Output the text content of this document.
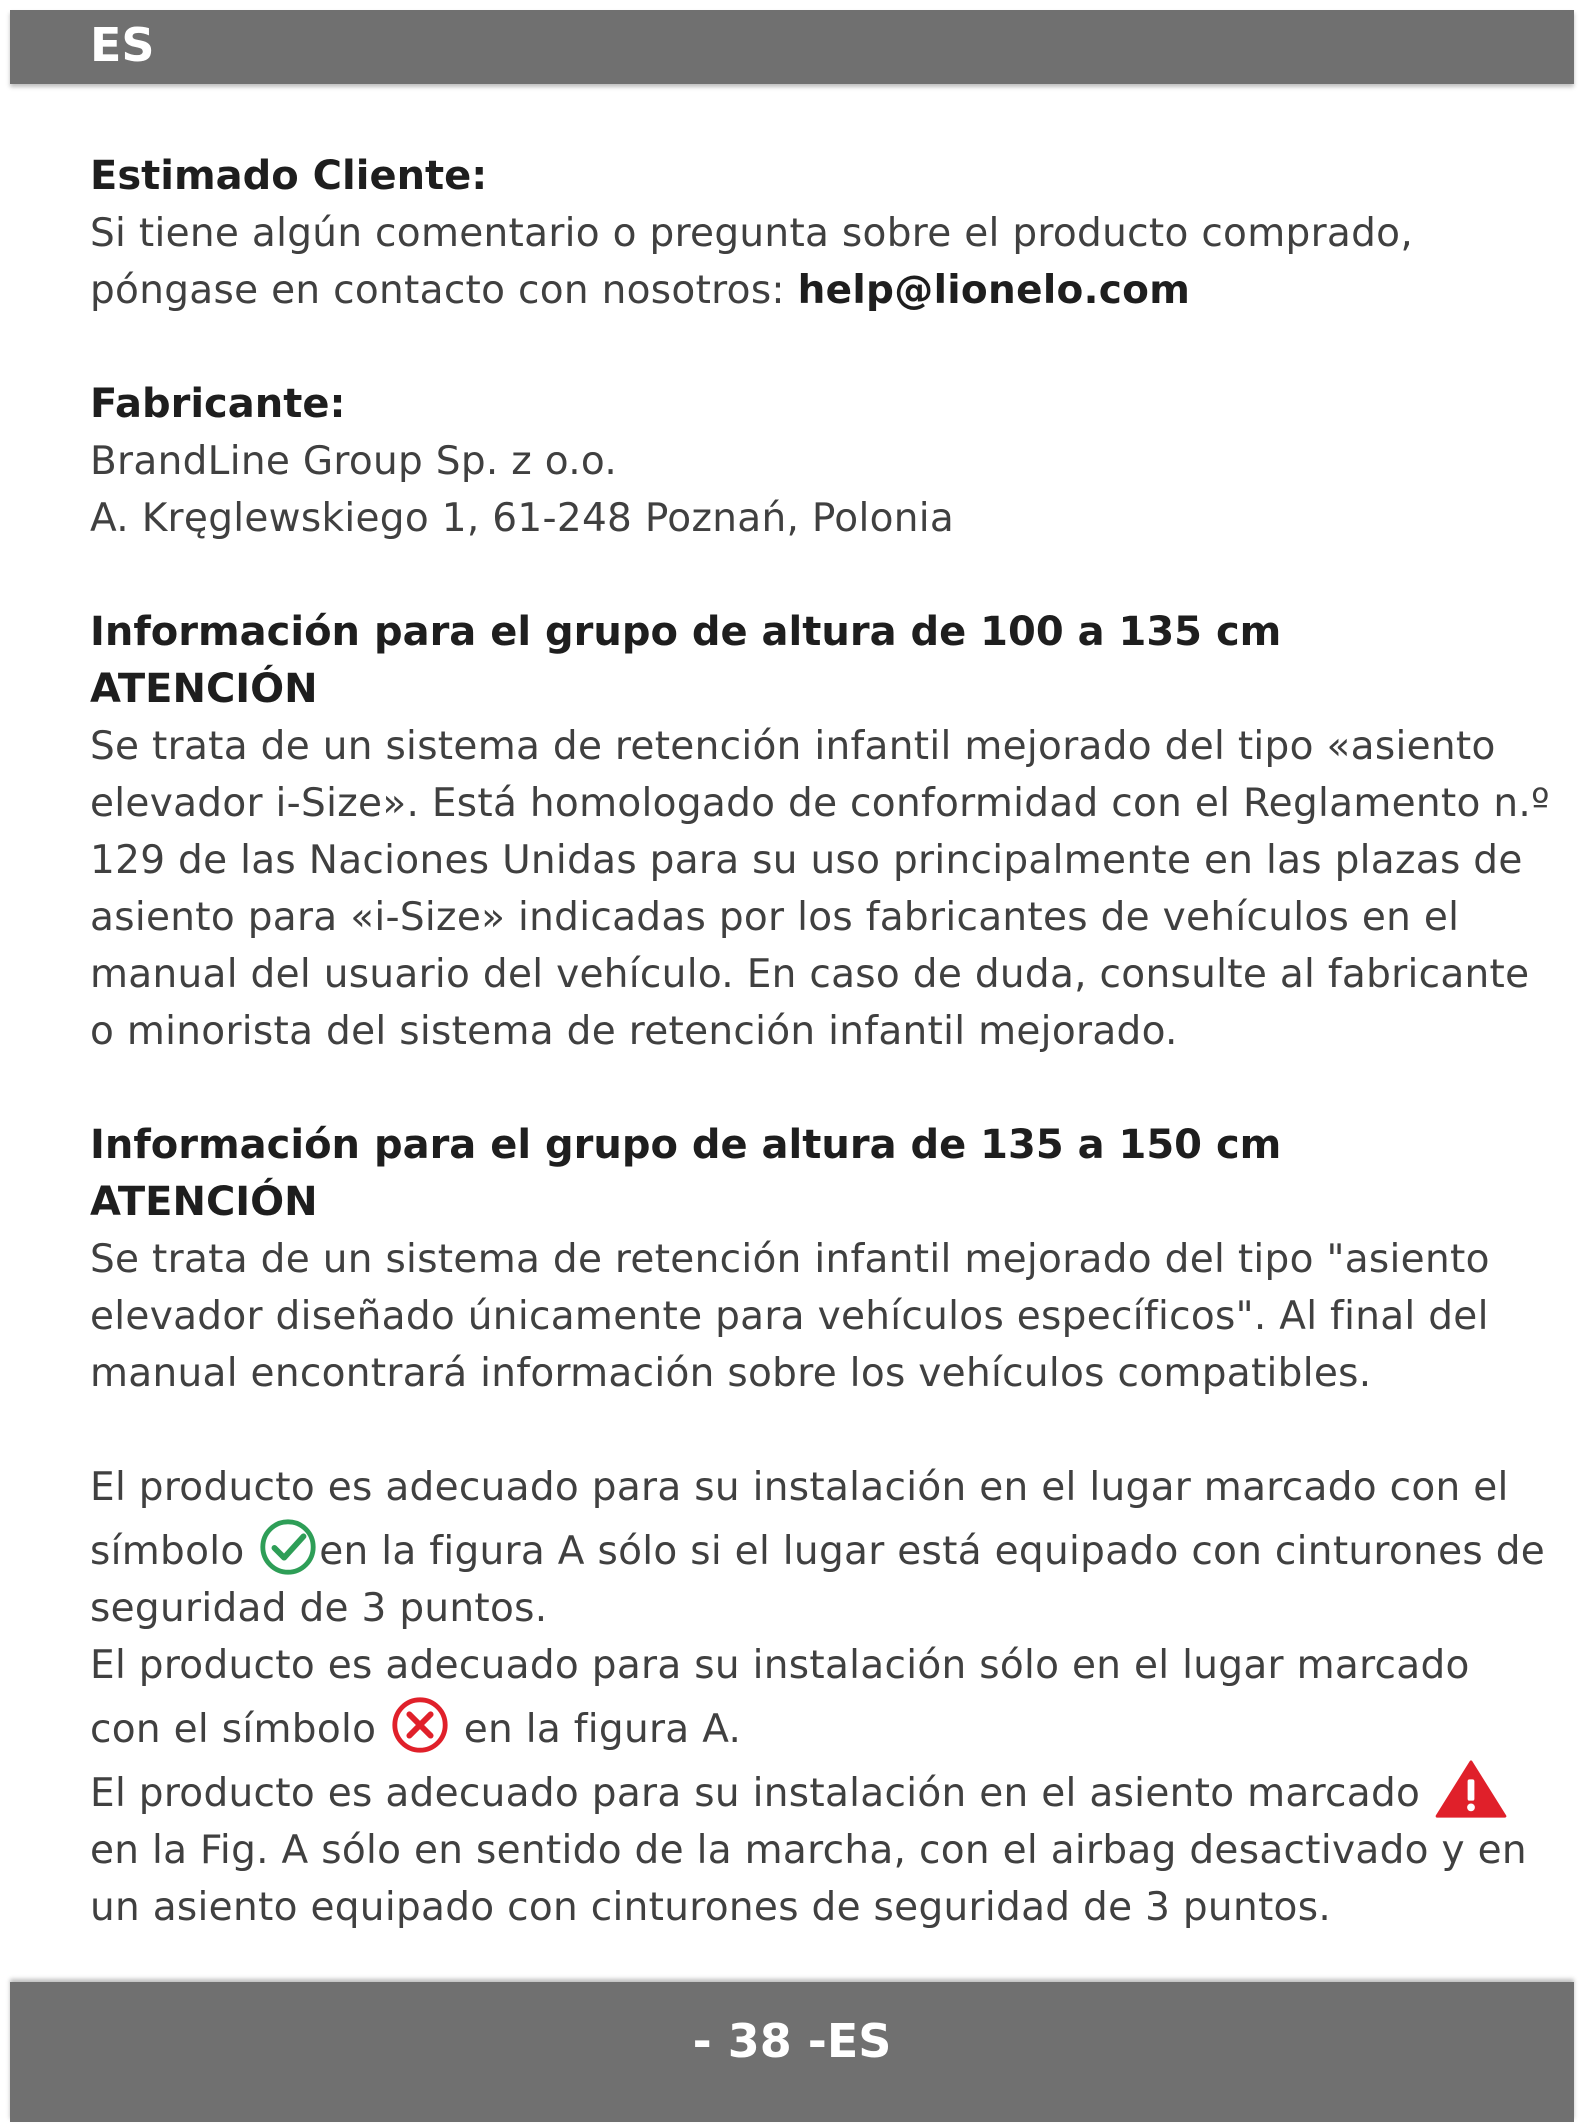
ES

Estimado Cliente:

Si tiene algún comentario o pregunta sobre el producto comprado, póngase en contacto con nosotros: help@lionelo.com

Fabricante:

BrandLine Group Sp. z o.o.

A. Kręglewskiego 1, 61-248 Poznań, Polonia

Información para el grupo de altura de 100 a 135 cm

ATENCIÓN

Se trata de un sistema de retención infantil mejorado del tipo «asiento elevador i-Size». Está homologado de conformidad con el Reglamento n.º 129 de las Naciones Unidas para su uso principalmente en las plazas de asiento para «i-Size» indicadas por los fabricantes de vehículos en el manual del usuario del vehículo. En caso de duda, consulte al fabricante o minorista del sistema de retención infantil mejorado.

Información para el grupo de altura de 135 a 150 cm

ATENCIÓN

Se trata de un sistema de retención infantil mejorado del tipo "asiento elevador diseñado únicamente para vehículos específicos". Al final del manual encontrará información sobre los vehículos compatibles.

El producto es adecuado para su instalación en el lugar marcado con el símbolo
en la figura A sólo si el lugar está equipado con cinturones de seguridad de 3 puntos.

El producto es adecuado para su instalación sólo en el lugar marcado con el símbolo
en la figura A.

El producto es adecuado para su instalación en el asiento marcado
en la Fig. A sólo en sentido de la marcha, con el airbag desactivado y en un asiento equipado con cinturones de seguridad de 3 puntos.

- 38 -ES
